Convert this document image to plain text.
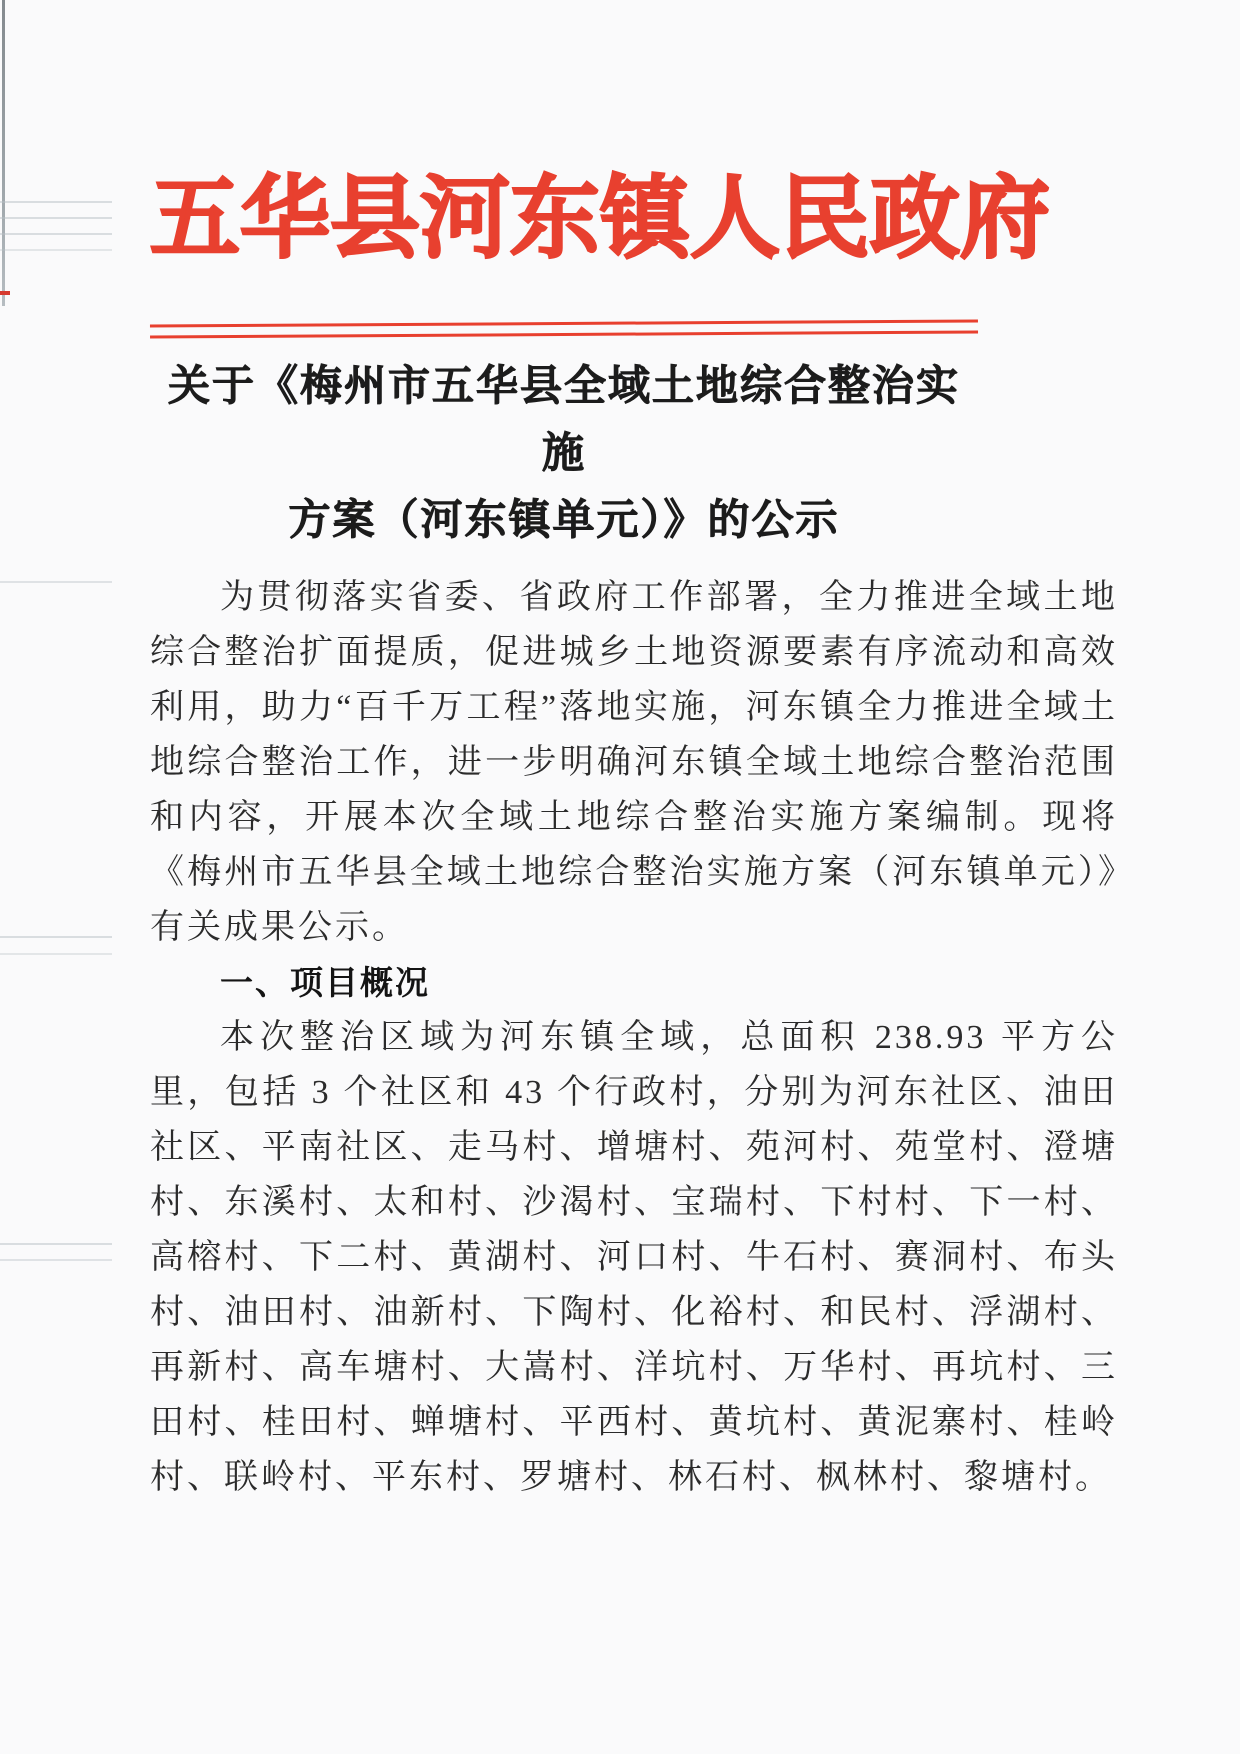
五华县河东镇人民政府
关于《梅州市五华县全域土地综合整治实施
方案（河东镇单元）》的公示

为贯彻落实省委、省政府工作部署，全力推进全域土地综合整治扩面提质，促进城乡土地资源要素有序流动和高效利用，助力“百千万工程”落地实施，河东镇全力推进全域土地综合整治工作，进一步明确河东镇全域土地综合整治范围和内容，开展本次全域土地综合整治实施方案编制。现将《梅州市五华县全域土地综合整治实施方案（河东镇单元）》有关成果公示。

一、项目概况

本次整治区域为河东镇全域，总面积 238.93 平方公里，包括 3 个社区和 43 个行政村，分别为河东社区、油田社区、平南社区、走马村、增塘村、苑河村、苑堂村、澄塘村、东溪村、太和村、沙渴村、宝瑞村、下村村、下一村、高榕村、下二村、黄湖村、河口村、牛石村、赛洞村、布头村、油田村、油新村、下陶村、化裕村、和民村、浮湖村、再新村、高车塘村、大嵩村、洋坑村、万华村、再坑村、三田村、桂田村、蝉塘村、平西村、黄坑村、黄泥寨村、桂岭村、联岭村、平东村、罗塘村、林石村、枫林村、黎塘村。
